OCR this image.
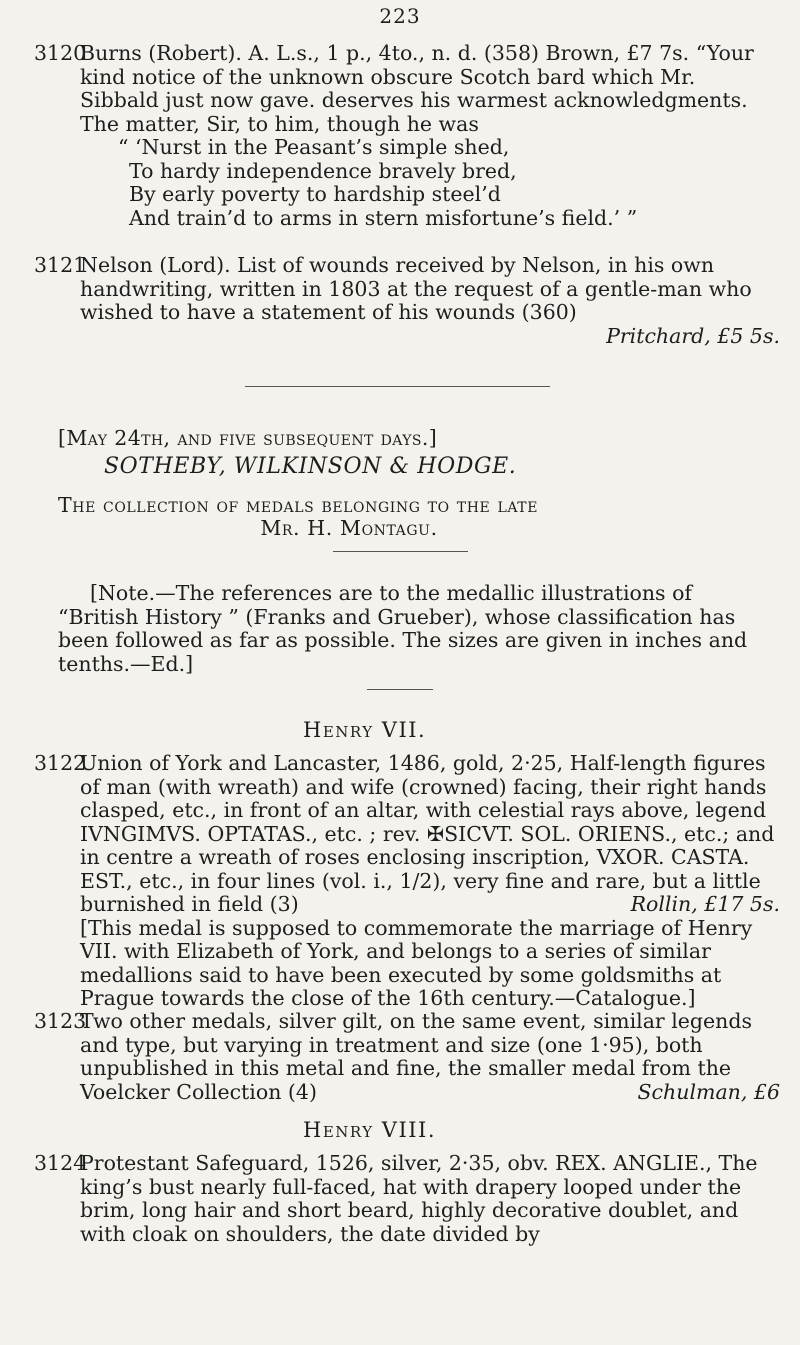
223
3120
Burns (Robert). A. L.s., 1 p., 4to., n. d. (358) Brown, £7 7s. “Your kind notice of the unknown obscure Scotch bard which Mr. Sibbald just now gave. deserves his warmest acknowledgments. The matter, Sir, to him, though he was
“ ‘Nurst in the Peasant’s simple shed,
To hardy independence bravely bred,
By early poverty to hardship steel’d
And train’d to arms in stern misfortune’s field.’ ”
3121
Nelson (Lord). List of wounds received by Nelson, in his own handwriting, written in 1803 at the request of a gentle-man who wished to have a statement of his wounds (360)
Pritchard, £5 5s.
[May 24th, and five subsequent days.]
SOTHEBY, WILKINSON & HODGE.
The collection of medals belonging to the late
Mr. H. Montagu.
[Note.—The references are to the medallic illustrations of “British History ” (Franks and Grueber), whose classification has been followed as far as possible. The sizes are given in inches and tenths.—Ed.]
Henry VII.
3122
Union of York and Lancaster, 1486, gold, 2·25, Half-length figures of man (with wreath) and wife (crowned) facing, their right hands clasped, etc., in front of an altar, with celestial rays above, legend IVNGIMVS. OPTATAS., etc. ; rev. ✠SICVT. SOL. ORIENS., etc.; and in centre a wreath of roses enclosing inscription, VXOR. CASTA. EST., etc., in four lines (vol. i., 1/2), very fine and rare, but a little burnished in field (3)	Rollin, £17 5s.
[This medal is supposed to commemorate the marriage of Henry VII. with Elizabeth of York, and belongs to a series of similar medallions said to have been executed by some goldsmiths at Prague towards the close of the 16th century.—Catalogue.]
3123
Two other medals, silver gilt, on the same event, similar legends and type, but varying in treatment and size (one 1·95), both unpublished in this metal and fine, the smaller medal from the Voelcker Collection (4)	Schulman, £6
Henry VIII.
3124
Protestant Safeguard, 1526, silver, 2·35, obv. REX. ANGLIE., The king’s bust nearly full-faced, hat with drapery looped under the brim, long hair and short beard, highly decorative doublet, and with cloak on shoulders, the date divided by
